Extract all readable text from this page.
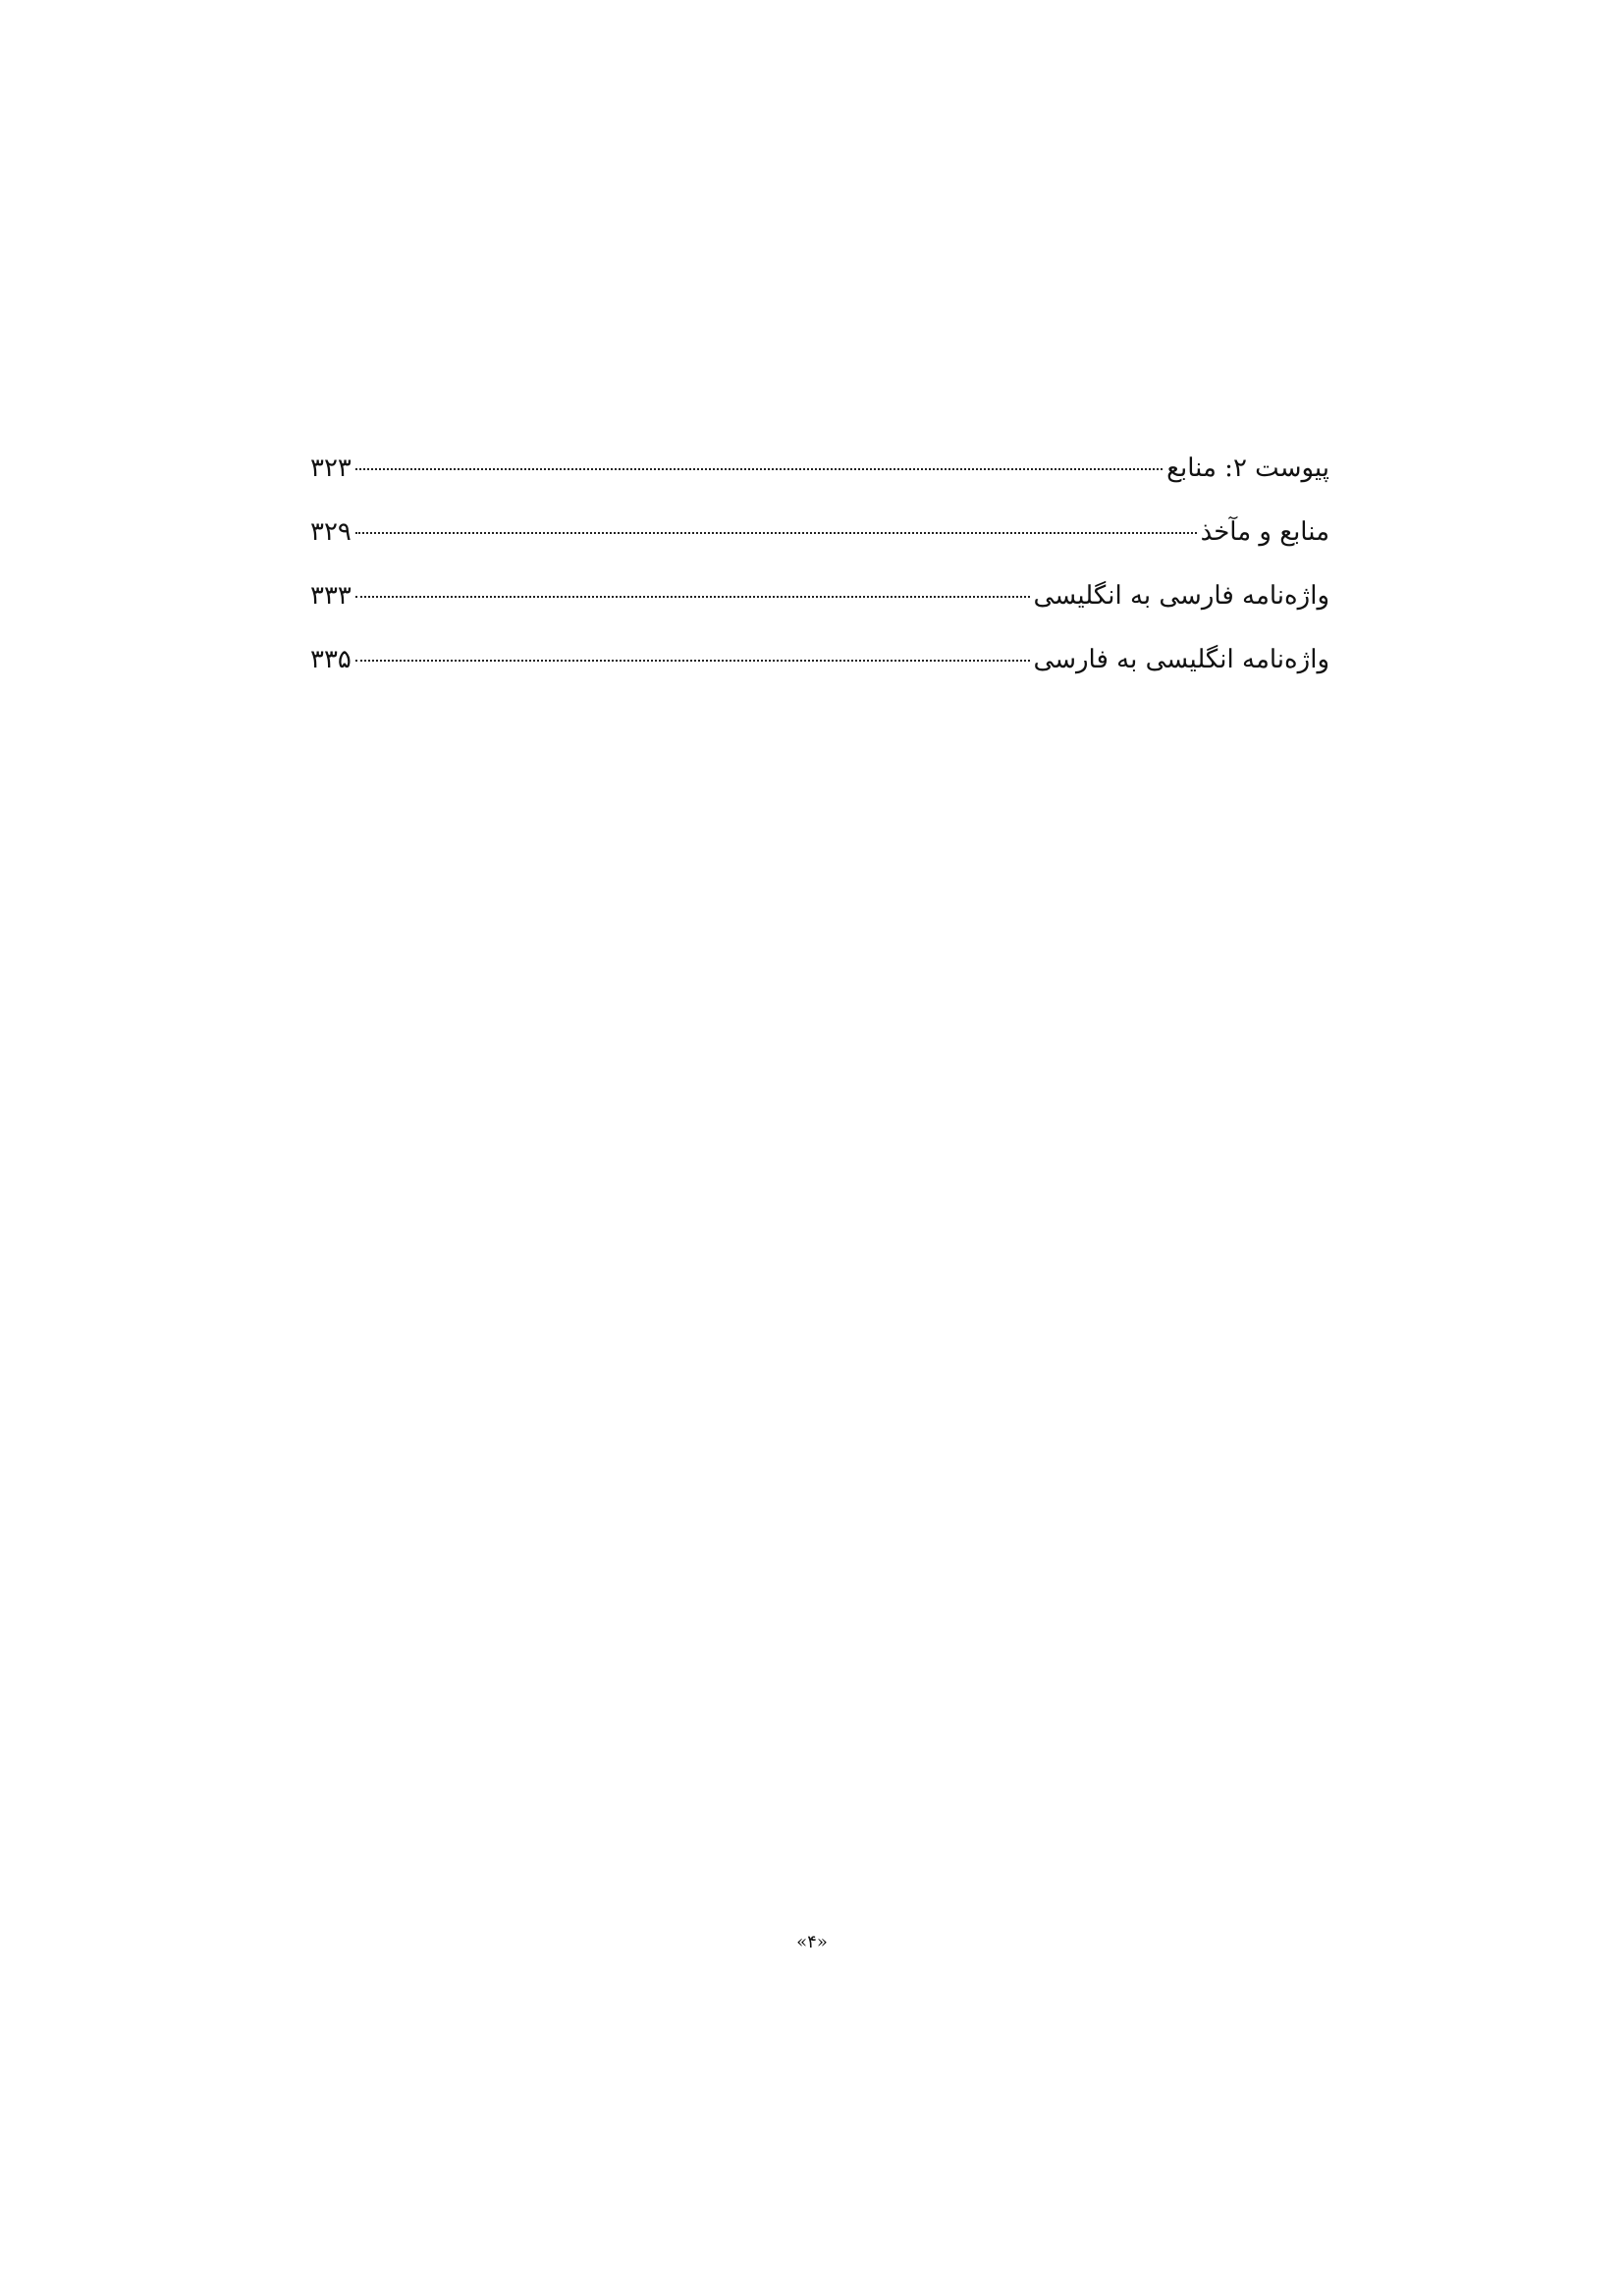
۳۲۳	پیوست ۲: منابع
۳۲۹	منابع و مآخذ
۳۳۳	واژه‌نامه فارسی به انگلیسی
۳۳۵	واژه‌نامه انگلیسی به فارسی
«۴»
